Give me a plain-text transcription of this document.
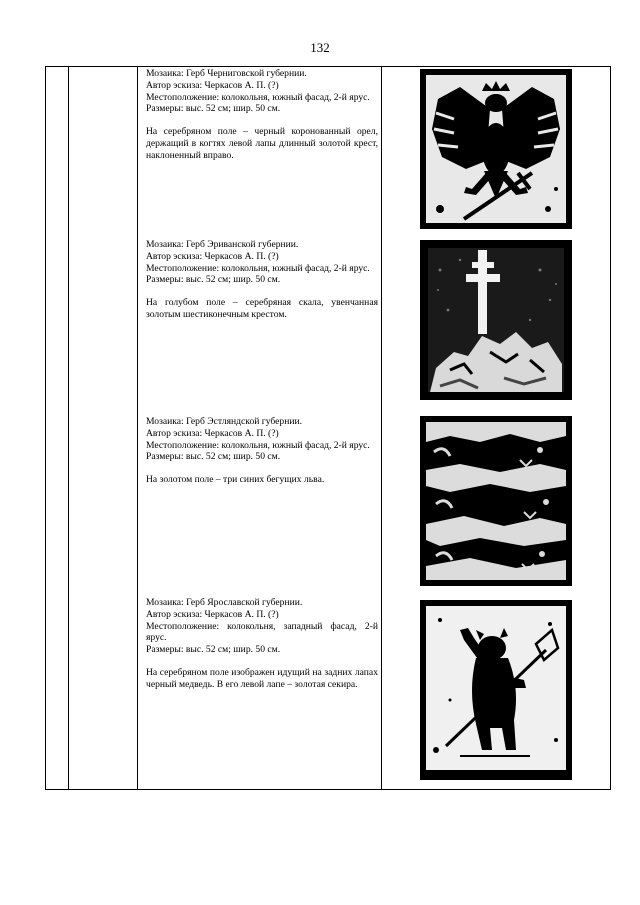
132

Мозаика: Герб Черниговской губернии.

Автор эскиза: Черкасов А. П. (?)

Местоположение: колокольня, южный фасад, 2-й ярус.

Размеры: выс. 52 см; шир. 50 см.

На серебряном поле – черный коронованный орел, держащий в когтях левой лапы длинный золотой крест, наклоненный вправо.

Мозаика: Герб Эриванской губернии.

Автор эскиза: Черкасов А. П. (?)

Местоположение: колокольня, южный фасад, 2-й ярус.

Размеры: выс. 52 см; шир. 50 см.

На голубом поле – серебряная скала, увенчанная золотым шестиконечным крестом.

Мозаика: Герб Эстляндской губернии.

Автор эскиза: Черкасов А. П. (?)

Местоположение: колокольня, южный фасад, 2-й ярус.

Размеры: выс. 52 см; шир. 50 см.

На золотом поле – три синих бегущих льва.

Мозаика: Герб Ярославской губернии.

Автор эскиза: Черкасов А. П. (?)

Местоположение: колокольня, западный фасад, 2-й ярус.

Размеры: выс. 52 см; шир. 50 см.

На серебряном поле изображен идущий на задних лапах черный медведь. В его левой лапе – золотая секира.
